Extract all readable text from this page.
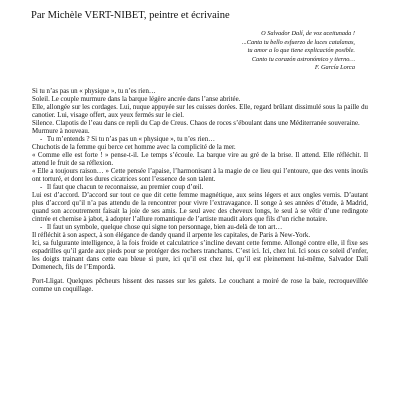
Par Michèle VERT-NIBET, peintre et écrivaine
O Salvador Dalí, de voz aceitunada !
...Canta tu bello esfuerzo de luces catalanas,
tu amor a lo que tiene explicación posible.
Canto tu corazón astronómico y tierno…
F. García Lorca

Si tu n’as pas un « physique », tu n’es rien…

Soleil. Le couple murmure dans la barque légère ancrée dans l’anse abritée.

Elle, allongée sur les cordages. Lui, nuque appuyée sur les cuisses dorées. Elle, regard brûlant dissimulé sous la paille du canotier. Lui, visage offert, aux yeux fermés sur le ciel.

Silence. Clapotis de l’eau dans ce repli du Cap de Creus. Chaos de roces s’éboulant dans une Méditerranée souveraine.

Murmure à nouveau.

-	Tu m’entends ? Si tu n’as pas un « physique », tu n’es rien…

Chuchotis de la femme qui berce cet homme avec la complicité de la mer.

« Comme elle est forte ! » pense-t-il. Le temps s’écoule. La barque vire au gré de la brise. Il attend. Elle réfléchit. Il attend le fruit de sa réflexion.

« Elle a toujours raison… » Cette pensée l’apaise, l’harmonisant à la magie de ce lieu qui l’entoure, que des vents inouïs ont torturé, et dont les dures cicatrices sont l’essence de son talent.

-	Il faut que chacun te reconnaisse, au premier coup d’œil.

Lui est d’accord. D’accord sur tout ce que dit cette femme magnétique, aux seins légers et aux ongles vernis. D’autant plus d’accord qu’il n’a pas attendu de la rencontrer pour vivre l’extravagance. Il songe à ses années d’étude, à Madrid, quand son accoutrement faisait la joie de ses amis. Le seul avec des cheveux longs, le seul à se vêtir d’une redingote cintrée et chemise à jabot, à adopter l’allure romantique de l’artiste maudit alors que fils d’un riche notaire.

-	Il faut un symbole, quelque chose qui signe ton personnage, bien au-delà de ton art…

Il réfléchit à son aspect, à son élégance de dandy quand il arpente les capitales, de Paris à New-York.

Ici, sa fulgurante intelligence, à la fois froide et calculatrice s’incline devant cette femme. Allongé contre elle, il fixe ses espadrilles qu’il garde aux pieds pour se protéger des rochers tranchants. C’est ici. Ici, chez lui. Ici sous ce soleil d’enfer, les doigts trainant dans cette eau bleue si pure, ici qu’il est chez lui, qu’il est pleinement lui-même, Salvador Dalí Domenech, fils de l’Empordà.

Port-Lligat. Quelques pêcheurs hissent des nasses sur les galets. Le couchant a moiré de rose la baie, recroquevillée comme un coquillage.
